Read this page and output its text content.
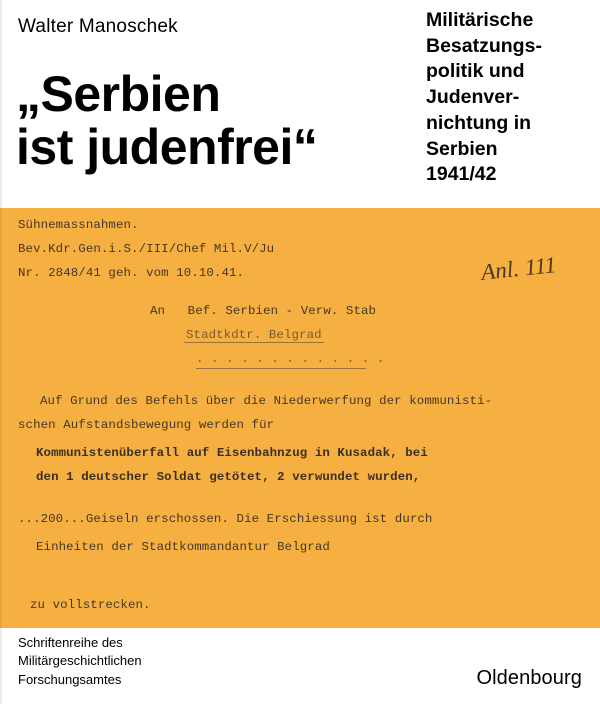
Walter Manoschek
„Serbien
ist judenfrei“
Militärische
Besatzungs-
politik und
Judenver-
nichtung in
Serbien
1941/42
Sühnemassnahmen.
Bev.Kdr.Gen.i.S./III/Chef Mil.V/Ju
Nr. 2848/41 geh. vom 10.10.41.
An   Bef. Serbien - Verw. Stab
Stadtkdtr. Belgrad
. . . . . . . . . . . . .
Auf Grund des Befehls über die Niederwerfung der kommunisti-
schen Aufstandsbewegung werden für
Kommunistenüberfall auf Eisenbahnzug in Kusadak, bei
den 1 deutscher Soldat getötet, 2 verwundet wurden,
...200...Geiseln erschossen. Die Erschiessung ist durch
Einheiten der Stadtkommandantur Belgrad
zu vollstrecken.
Anl. 111
Schriftenreihe des
Militärgeschichtlichen
Forschungsamtes	Oldenbourg
